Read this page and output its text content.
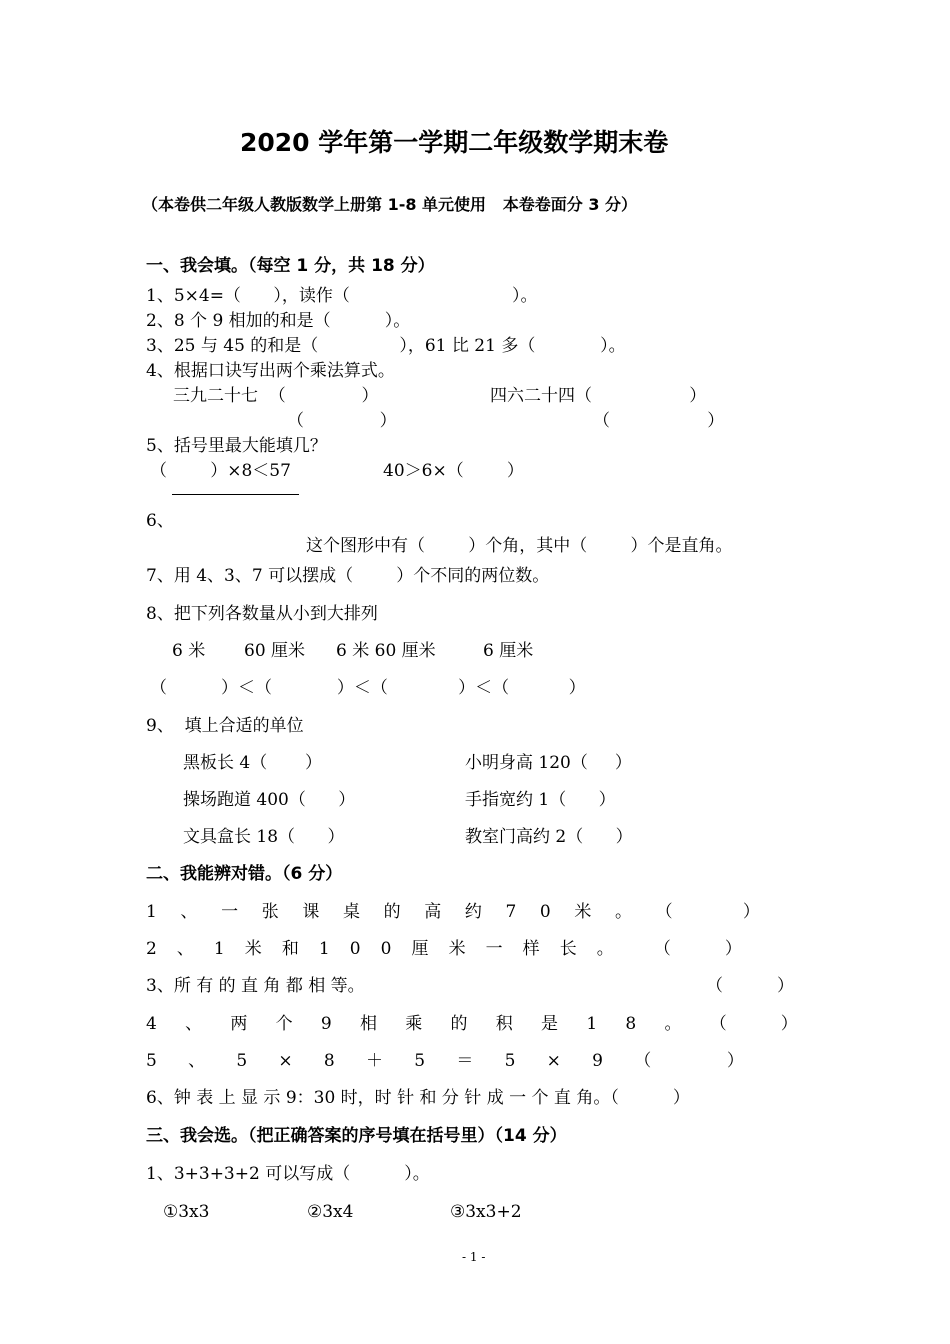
2020 学年第一学期二年级数学期末卷
（本卷供二年级人教版数学上册第 1-8 单元使用   本卷卷面分 3 分）
一、我会填。（每空 1 分，共 18 分）
1、5×4=（      ），读作（                              ）。
2、8 个 9 相加的和是（          ）。
3、25 与 45 的和是（               ），61 比 21 多（            ）。
4、根据口诀写出两个乘法算式。
三九二十七  （              ）	四六二十四（                  ）
（              ）	（                  ）
5、括号里最大能填几？
（        ）×8＜57	40＞6×（        ）
6、
这个图形中有（        ）个角，其中（        ）个是直角。
7、用 4、3、7 可以摆成（        ）个不同的两位数。
8、把下列各数量从小到大排列
6 米 60 厘米 6 米 60 厘米	6 厘米
（          ）＜（            ）＜（             ）＜（           ）
9、  填上合适的单位
黑板长 4（       ）	小明身高 120（     ）
操场跑道 400（      ）	手指宽约 1（      ）
文具盒长 18（      ）	教室门高约 2（      ）
二、我能辨对错。（6 分）
1 、 一 张 课 桌 的 高 约 7 0 米 。 （             ）
2 、 1 米 和 1 0 0 厘 米 一 样 长 。 （          ）
3、所 有 的 直 角 都 相 等。	（          ）
4 、 两 个 9 相 乘 的 积 是 1 8 。 （          ）
5 、 5 × 8 ＋ 5 ＝ 5 × 9 （              ）
6、钟 表 上 显 示 9：30 时，时 针 和 分 针 成 一 个 直 角。（          ）
三、我会选。（把正确答案的序号填在括号里）（14 分）
1、3+3+3+2 可以写成（          ）。
①3x3	②3x4	③3x3+2
- 1 -
